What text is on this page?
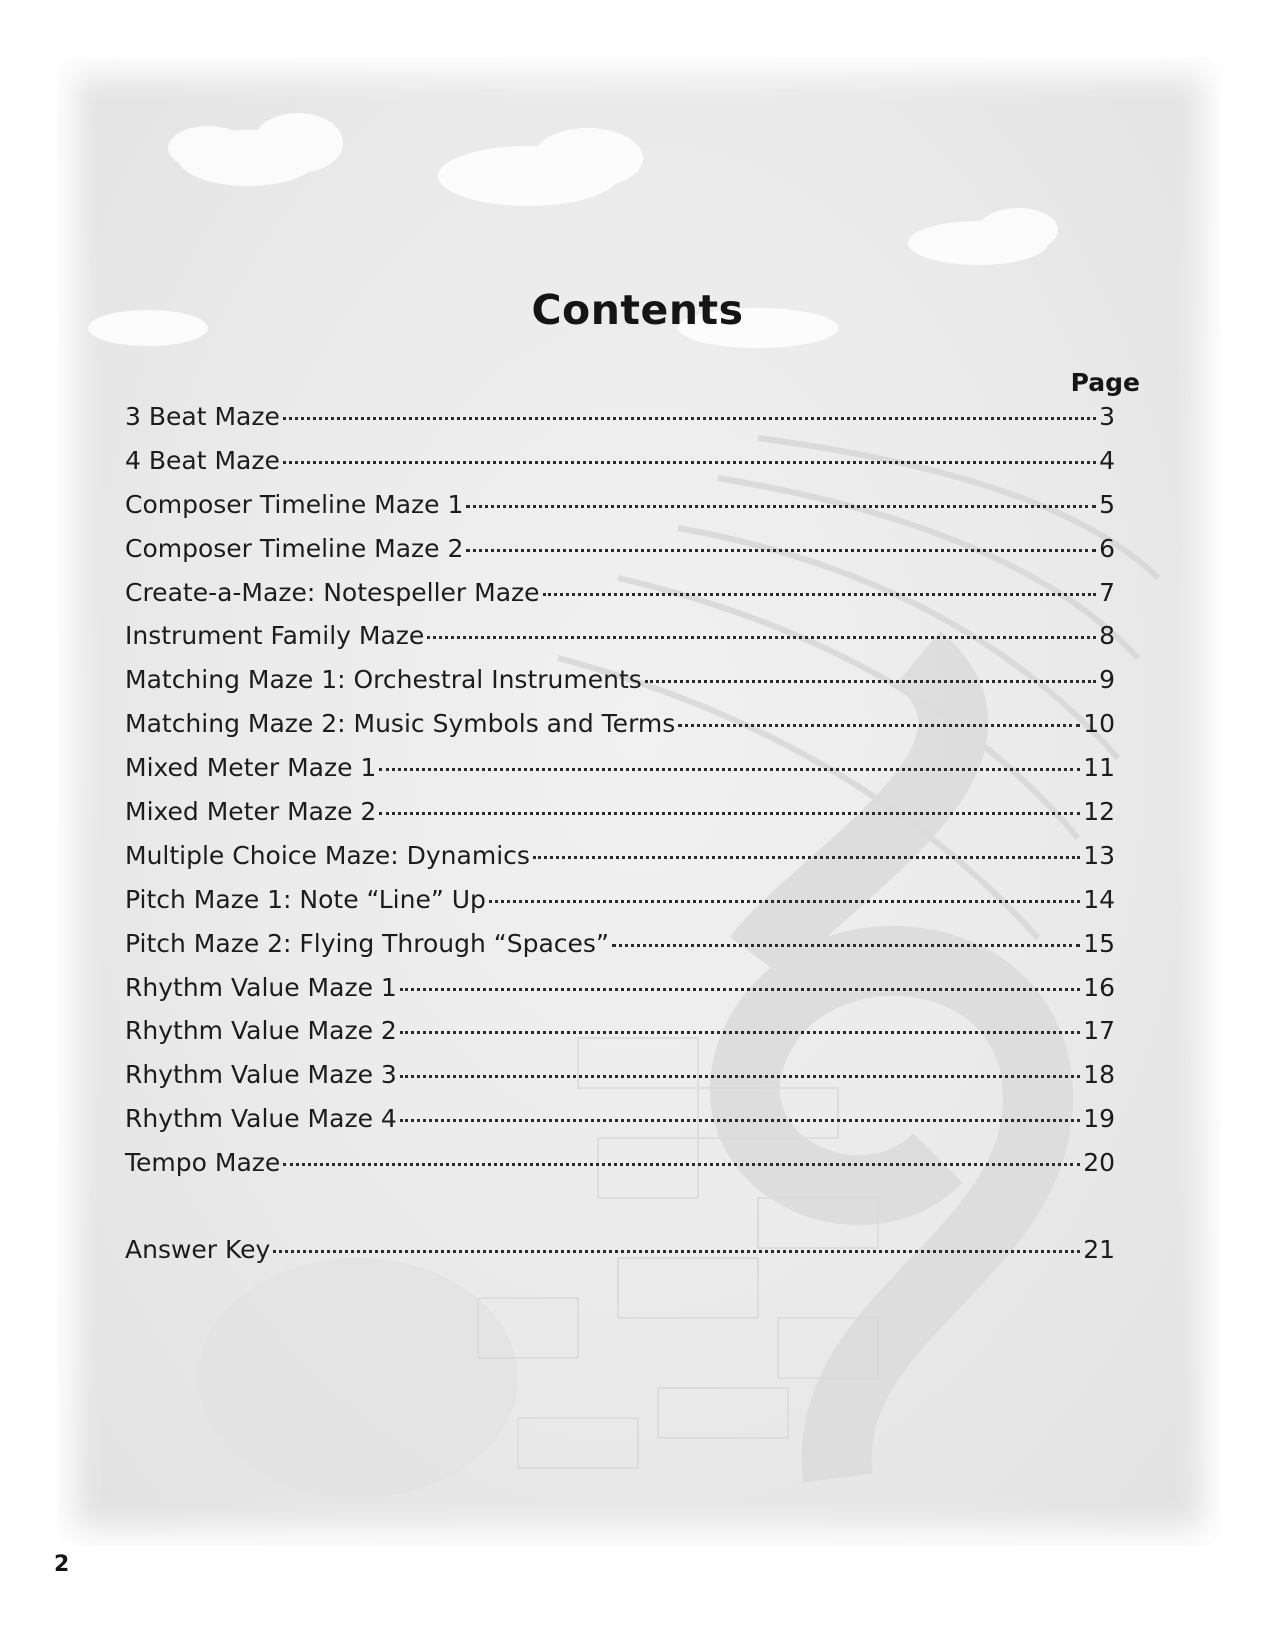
Contents
Page
3 Beat Maze	3
4 Beat Maze	4
Composer Timeline Maze 1	5
Composer Timeline Maze 2	6
Create-a-Maze: Notespeller Maze	7
Instrument Family Maze	8
Matching Maze 1: Orchestral Instruments	9
Matching Maze 2: Music Symbols and Terms	10
Mixed Meter Maze 1	11
Mixed Meter Maze 2	12
Multiple Choice Maze: Dynamics	13
Pitch Maze 1: Note “Line” Up	14
Pitch Maze 2: Flying Through “Spaces”	15
Rhythm Value Maze 1	16
Rhythm Value Maze 2	17
Rhythm Value Maze 3	18
Rhythm Value Maze 4	19
Tempo Maze	20
Answer Key	21
2
